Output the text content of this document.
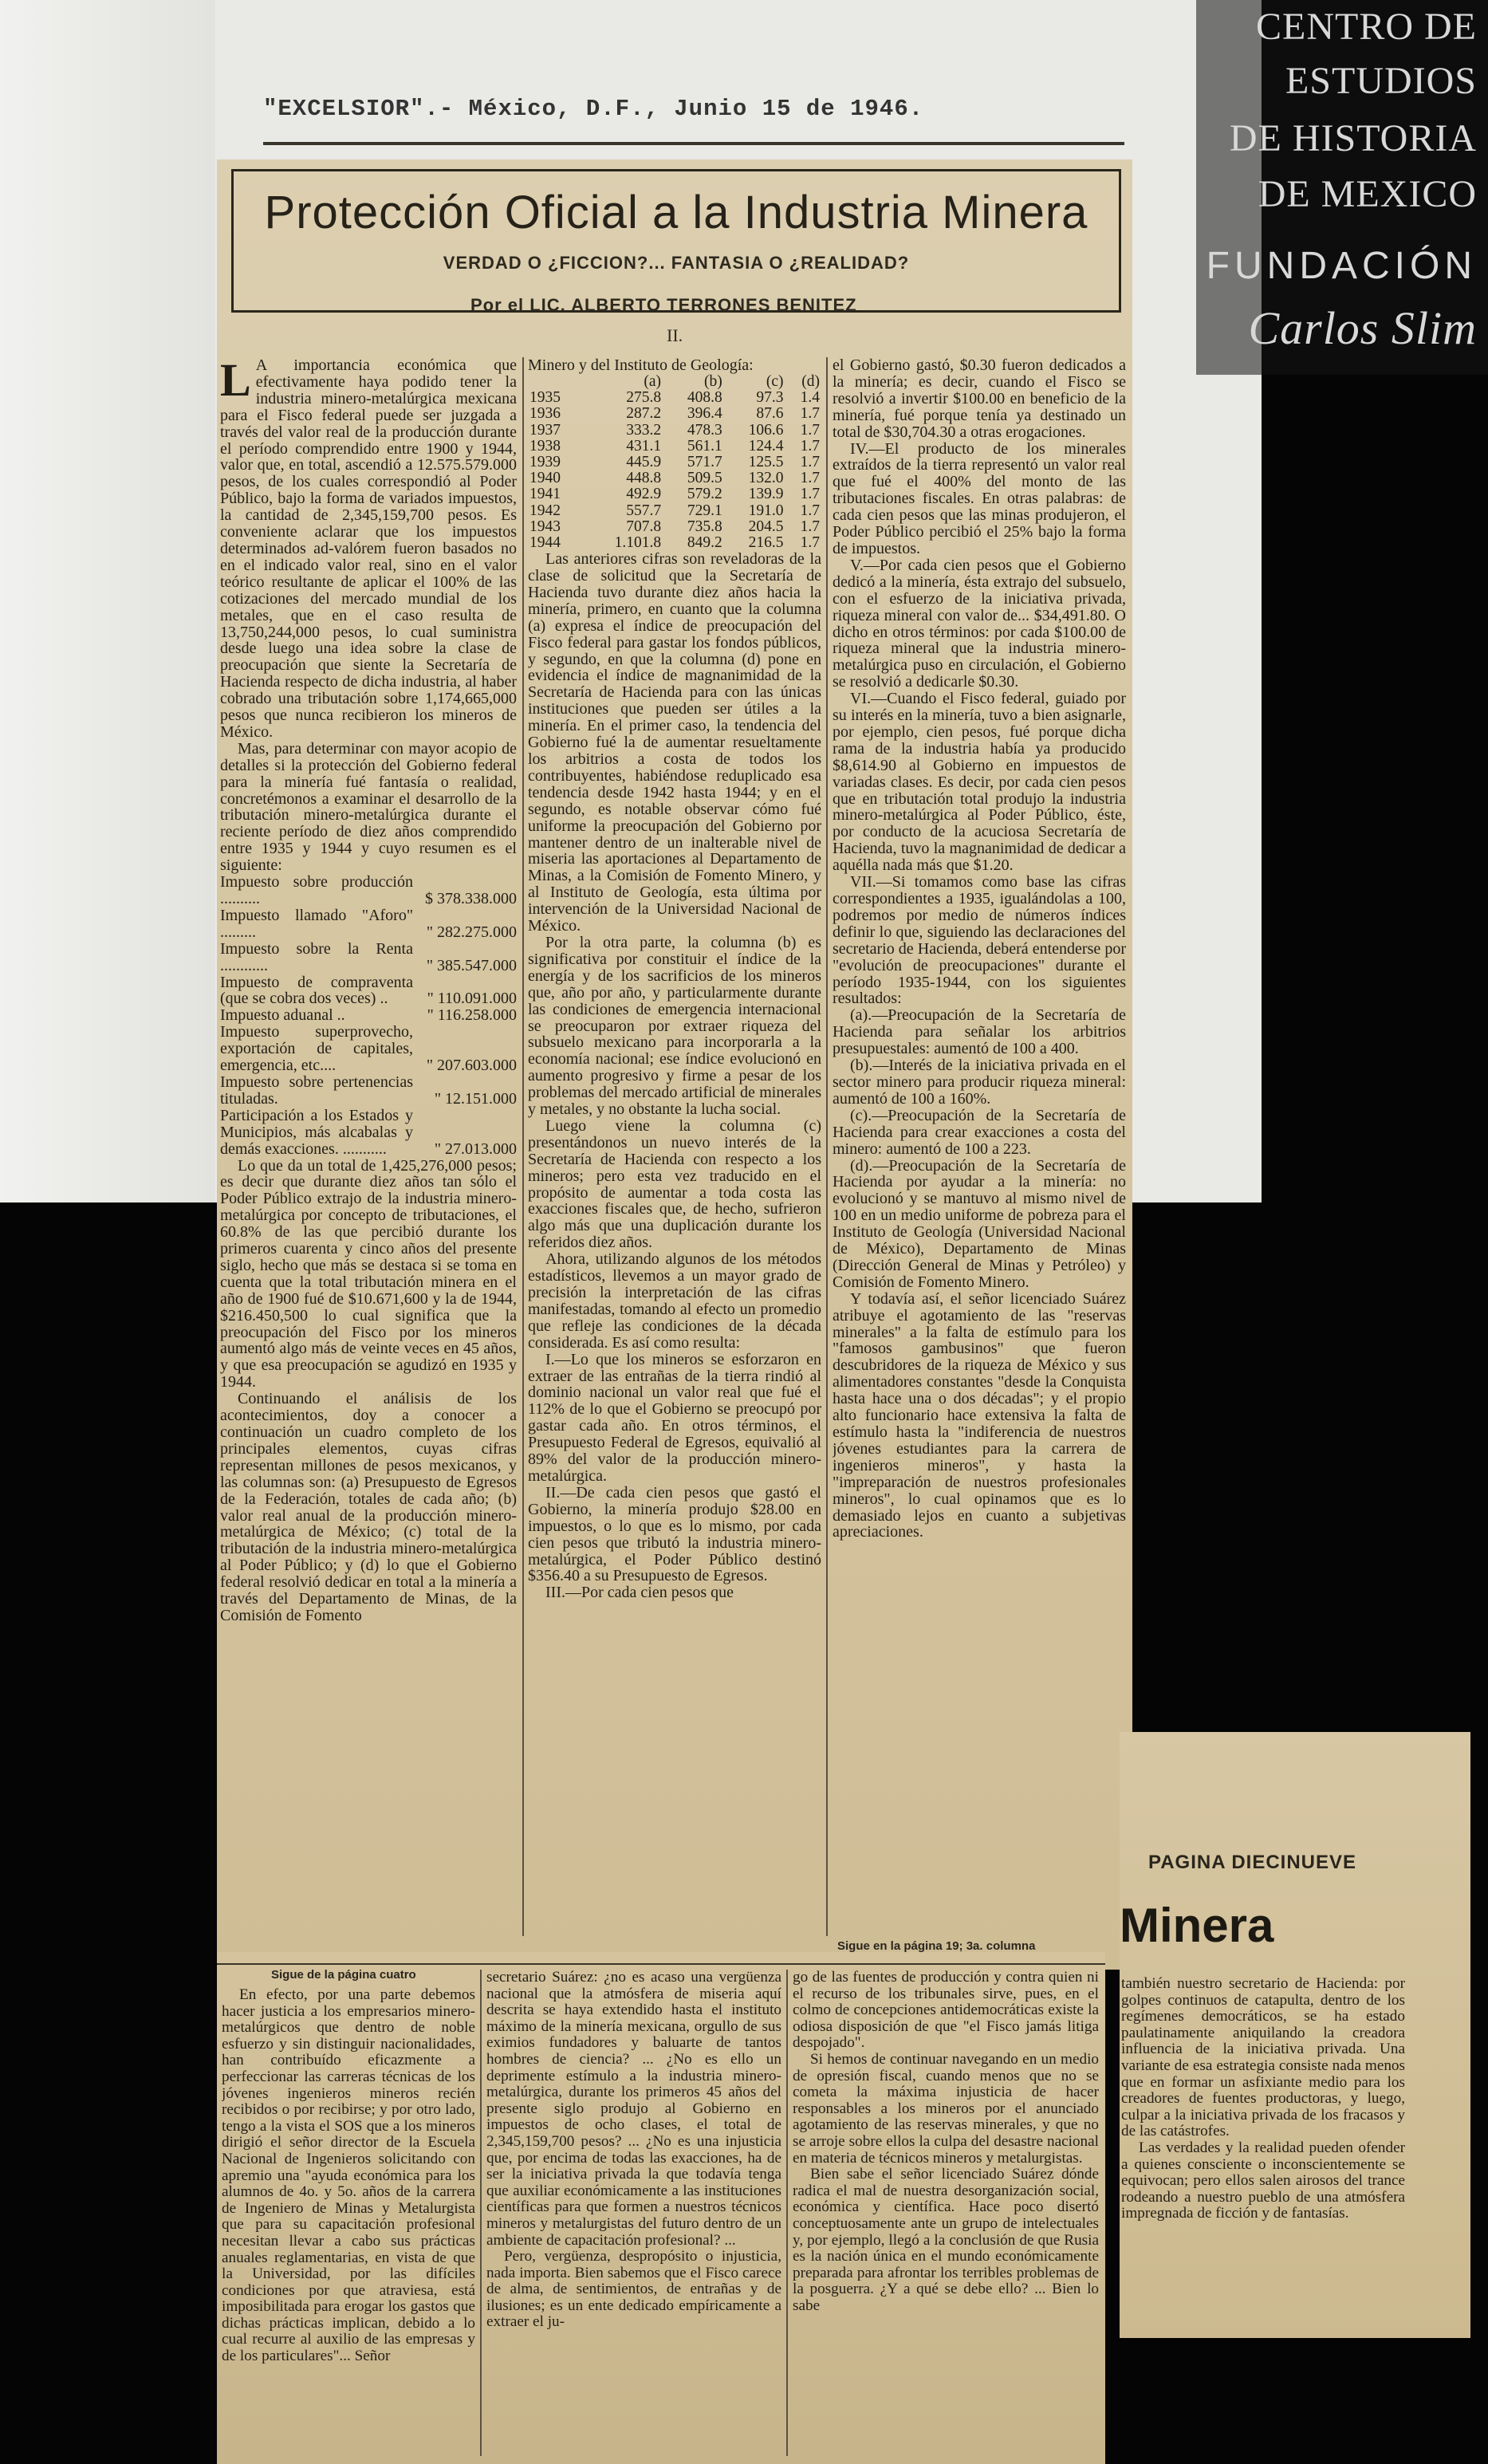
CENTRO DE
ESTUDIOS
DE HISTORIA
DE MEXICO
FUNDACIÓN
Carlos Slim
"EXCELSIOR".- México, D.F., Junio 15 de 1946.
Protección Oficial a la Industria Minera
VERDAD O ¿FICCION?... FANTASIA O ¿REALIDAD?
Por el LIC. ALBERTO TERRONES BENITEZ
II.

L A importancia económica que efectivamente haya podido tener la industria minero-metalúrgica mexicana para el Fisco federal puede ser juzgada a través del valor real de la producción durante el período comprendido entre 1900 y 1944, valor que, en total, ascendió a 12.575.579.000 pesos, de los cuales correspondió al Poder Público, bajo la forma de variados impuestos, la cantidad de 2,345,159,700 pesos. Es conveniente aclarar que los impuestos determinados ad-valórem fueron basados no en el indicado valor real, sino en el valor teórico resultante de aplicar el 100% de las cotizaciones del mercado mundial de los metales, que en el caso resulta de 13,750,244,000 pesos, lo cual suministra desde luego una idea sobre la clase de preocupación que siente la Secretaría de Hacienda respecto de dicha industria, al haber cobrado una tributación sobre 1,174,665,000 pesos que nunca recibieron los mineros de México.

Mas, para determinar con mayor acopio de detalles si la protección del Gobierno federal para la minería fué fantasía o realidad, concretémonos a examinar el desarrollo de la tributación minero-metalúrgica durante el reciente período de diez años comprendido entre 1935 y 1944 y cuyo resumen es el siguiente:

Impuesto sobre producción ..........	$ 378.338.000
Impuesto llamado "Aforo" .........	" 282.275.000
Impuesto sobre la Renta ............	" 385.547.000
Impuesto de compraventa (que se cobra dos veces) ..	" 110.091.000
Impuesto aduanal ..	" 116.258.000
Impuesto superprovecho, exportación de capitales, emergencia, etc....	" 207.603.000
Impuesto sobre pertenencias tituladas.	" 12.151.000
Participación a los Estados y Municipios, más alcabalas y demás exacciones. ...........	" 27.013.000

Lo que da un total de 1,425,276,000 pesos; es decir que durante diez años tan sólo el Poder Público extrajo de la industria minero-metalúrgica por concepto de tributaciones, el 60.8% de las que percibió durante los primeros cuarenta y cinco años del presente siglo, hecho que más se destaca si se toma en cuenta que la total tributación minera en el año de 1900 fué de $10.671,600 y la de 1944, $216.450,500 lo cual significa que la preocupación del Fisco por los mineros aumentó algo más de veinte veces en 45 años, y que esa preocupación se agudizó en 1935 y 1944.

Continuando el análisis de los acontecimientos, doy a conocer a continuación un cuadro completo de los principales elementos, cuyas cifras representan millones de pesos mexicanos, y las columnas son: (a) Presupuesto de Egresos de la Federación, totales de cada año; (b) valor real anual de la producción minero-metalúrgica de México; (c) total de la tributación de la industria minero-metalúrgica al Poder Público; y (d) lo que el Gobierno federal resolvió dedicar en total a la minería a través del Departamento de Minas, de la Comisión de Fomento

Minero y del Instituto de Geología:

	(a)	(b)	(c)	(d)
1935	275.8	408.8	97.3	1.4
1936	287.2	396.4	87.6	1.7
1937	333.2	478.3	106.6	1.7
1938	431.1	561.1	124.4	1.7
1939	445.9	571.7	125.5	1.7
1940	448.8	509.5	132.0	1.7
1941	492.9	579.2	139.9	1.7
1942	557.7	729.1	191.0	1.7
1943	707.8	735.8	204.5	1.7
1944	1.101.8	849.2	216.5	1.7

Las anteriores cifras son reveladoras de la clase de solicitud que la Secretaría de Hacienda tuvo durante diez años hacia la minería, primero, en cuanto que la columna (a) expresa el índice de preocupación del Fisco federal para gastar los fondos públicos, y segundo, en que la columna (d) pone en evidencia el índice de magnanimidad de la Secretaría de Hacienda para con las únicas instituciones que pueden ser útiles a la minería. En el primer caso, la tendencia del Gobierno fué la de aumentar resueltamente los arbitrios a costa de todos los contribuyentes, habiéndose reduplicado esa tendencia desde 1942 hasta 1944; y en el segundo, es notable observar cómo fué uniforme la preocupación del Gobierno por mantener dentro de un inalterable nivel de miseria las aportaciones al Departamento de Minas, a la Comisión de Fomento Minero, y al Instituto de Geología, esta última por intervención de la Universidad Nacional de México.

Por la otra parte, la columna (b) es significativa por constituir el índice de la energía y de los sacrificios de los mineros que, año por año, y particularmente durante las condiciones de emergencia internacional se preocuparon por extraer riqueza del subsuelo mexicano para incorporarla a la economía nacional; ese índice evolucionó en aumento progresivo y firme a pesar de los problemas del mercado artificial de minerales y metales, y no obstante la lucha social.

Luego viene la columna (c) presentándonos un nuevo interés de la Secretaría de Hacienda con respecto a los mineros; pero esta vez traducido en el propósito de aumentar a toda costa las exacciones fiscales que, de hecho, sufrieron algo más que una duplicación durante los referidos diez años.

Ahora, utilizando algunos de los métodos estadísticos, llevemos a un mayor grado de precisión la interpretación de las cifras manifestadas, tomando al efecto un promedio que refleje las condiciones de la década considerada. Es así como resulta:

I.—Lo que los mineros se esforzaron en extraer de las entrañas de la tierra rindió al dominio nacional un valor real que fué el 112% de lo que el Gobierno se preocupó por gastar cada año. En otros términos, el Presupuesto Federal de Egresos, equivalió al 89% del valor de la producción minero-metalúrgica.

II.—De cada cien pesos que gastó el Gobierno, la minería produjo $28.00 en impuestos, o lo que es lo mismo, por cada cien pesos que tributó la industria minero-metalúrgica, el Poder Público destinó $356.40 a su Presupuesto de Egresos.

III.—Por cada cien pesos que

el Gobierno gastó, $0.30 fueron dedicados a la minería; es decir, cuando el Fisco se resolvió a invertir $100.00 en beneficio de la minería, fué porque tenía ya destinado un total de $30,704.30 a otras erogaciones.

IV.—El producto de los minerales extraídos de la tierra representó un valor real que fué el 400% del monto de las tributaciones fiscales. En otras palabras: de cada cien pesos que las minas produjeron, el Poder Público percibió el 25% bajo la forma de impuestos.

V.—Por cada cien pesos que el Gobierno dedicó a la minería, ésta extrajo del subsuelo, con el esfuerzo de la iniciativa privada, riqueza mineral con valor de... $34,491.80. O dicho en otros términos: por cada $100.00 de riqueza mineral que la industria minero-metalúrgica puso en circulación, el Gobierno se resolvió a dedicarle $0.30.

VI.—Cuando el Fisco federal, guiado por su interés en la minería, tuvo a bien asignarle, por ejemplo, cien pesos, fué porque dicha rama de la industria había ya producido $8,614.90 al Gobierno en impuestos de variadas clases. Es decir, por cada cien pesos que en tributación total produjo la industria minero-metalúrgica al Poder Público, éste, por conducto de la acuciosa Secretaría de Hacienda, tuvo la magnanimidad de dedicar a aquélla nada más que $1.20.

VII.—Si tomamos como base las cifras correspondientes a 1935, igualándolas a 100, podremos por medio de números índices definir lo que, siguiendo las declaraciones del secretario de Hacienda, deberá entenderse por "evolución de preocupaciones" durante el período 1935-1944, con los siguientes resultados:

(a).—Preocupación de la Secretaría de Hacienda para señalar los arbitrios presupuestales: aumentó de 100 a 400.

(b).—Interés de la iniciativa privada en el sector minero para producir riqueza mineral: aumentó de 100 a 160%.

(c).—Preocupación de la Secretaría de Hacienda para crear exacciones a costa del minero: aumentó de 100 a 223.

(d).—Preocupación de la Secretaría de Hacienda por ayudar a la minería: no evolucionó y se mantuvo al mismo nivel de 100 en un medio uniforme de pobreza para el Instituto de Geología (Universidad Nacional de México), Departamento de Minas (Dirección General de Minas y Petróleo) y Comisión de Fomento Minero.

Y todavía así, el señor licenciado Suárez atribuye el agotamiento de las "reservas minerales" a la falta de estímulo para los "famosos gambusinos" que fueron descubridores de la riqueza de México y sus alimentadores constantes "desde la Conquista hasta hace una o dos décadas"; y el propio alto funcionario hace extensiva la falta de estímulo hasta la "indiferencia de nuestros jóvenes estudiantes para la carrera de ingenieros mineros", y hasta la "impreparación de nuestros profesionales mineros", lo cual opinamos que es lo demasiado lejos en cuanto a subjetivas apreciaciones.

Sigue de la página cuatro
Sigue en la página 19; 3a. columna

En efecto, por una parte debemos hacer justicia a los empresarios minero-metalúrgicos que dentro de noble esfuerzo y sin distinguir nacionalidades, han contribuído eficazmente a perfeccionar las carreras técnicas de los jóvenes ingenieros mineros recién recibidos o por recibirse; y por otro lado, tengo a la vista el SOS que a los mineros dirigió el señor director de la Escuela Nacional de Ingenieros solicitando con apremio una "ayuda económica para los alumnos de 4o. y 5o. años de la carrera de Ingeniero de Minas y Metalurgista que para su capacitación profesional necesitan llevar a cabo sus prácticas anuales reglamentarias, en vista de que la Universidad, por las difíciles condiciones por que atraviesa, está imposibilitada para erogar los gastos que dichas prácticas implican, debido a lo cual recurre al auxilio de las empresas y de los particulares"... Señor

secretario Suárez: ¿no es acaso una vergüenza nacional que la atmósfera de miseria aquí descrita se haya extendido hasta el instituto máximo de la minería mexicana, orgullo de sus eximios fundadores y baluarte de tantos hombres de ciencia? ... ¿No es ello un deprimente estímulo a la industria minero-metalúrgica, durante los primeros 45 años del presente siglo produjo al Gobierno en impuestos de ocho clases, el total de 2,345,159,700 pesos? ... ¿No es una injusticia que, por encima de todas las exacciones, ha de ser la iniciativa privada la que todavía tenga que auxiliar económicamente a las instituciones científicas para que formen a nuestros técnicos mineros y metalurgistas del futuro dentro de un ambiente de capacitación profesional? ...

Pero, vergüenza, despropósito o injusticia, nada importa. Bien sabemos que el Fisco carece de alma, de sentimientos, de entrañas y de ilusiones; es un ente dedicado empíricamente a extraer el ju-

go de las fuentes de producción y contra quien ni el recurso de los tribunales sirve, pues, en el colmo de concepciones antidemocráticas existe la odiosa disposición de que "el Fisco jamás litiga despojado".

Si hemos de continuar navegando en un medio de opresión fiscal, cuando menos que no se cometa la máxima injusticia de hacer responsables a los mineros por el anunciado agotamiento de las reservas minerales, y que no se arroje sobre ellos la culpa del desastre nacional en materia de técnicos mineros y metalurgistas.

Bien sabe el señor licenciado Suárez dónde radica el mal de nuestra desorganización social, económica y científica. Hace poco disertó conceptuosamente ante un grupo de intelectuales y, por ejemplo, llegó a la conclusión de que Rusia es la nación única en el mundo económicamente preparada para afrontar los terribles problemas de la posguerra. ¿Y a qué se debe ello? ... Bien lo sabe

PAGINA DIECINUEVE
Minera

también nuestro secretario de Hacienda: por golpes continuos de catapulta, dentro de los regímenes democráticos, se ha estado paulatinamente aniquilando la creadora influencia de la iniciativa privada. Una variante de esa estrategia consiste nada menos que en formar un asfixiante medio para los creadores de fuentes productoras, y luego, culpar a la iniciativa privada de los fracasos y de las catástrofes.

Las verdades y la realidad pueden ofender a quienes consciente o inconscientemente se equivocan; pero ellos salen airosos del trance rodeando a nuestro pueblo de una atmósfera impregnada de ficción y de fantasías.
